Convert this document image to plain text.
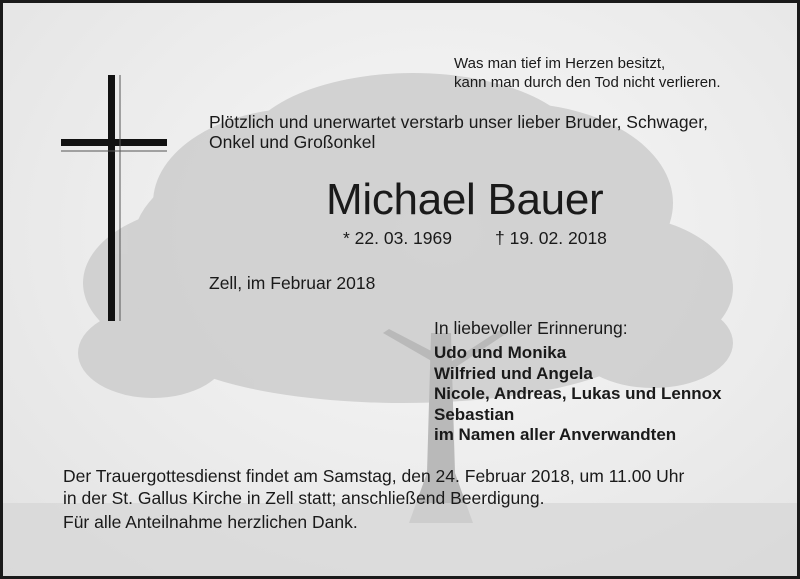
Was man tief im Herzen besitzt,
kann man durch den Tod nicht verlieren.
Plötzlich und unerwartet verstarb unser lieber Bruder, Schwager,
Onkel und Großonkel
Michael Bauer
* 22. 03. 1969 † 19. 02. 2018
Zell, im Februar 2018
In liebevoller Erinnerung:
Udo und Monika
Wilfried und Angela
Nicole, Andreas, Lukas und Lennox
Sebastian
im Namen aller Anverwandten
Der Trauergottesdienst findet am Samstag, den 24. Februar 2018, um 11.00 Uhr
in der St. Gallus Kirche in Zell statt; anschließend Beerdigung.
Für alle Anteilnahme herzlichen Dank.
